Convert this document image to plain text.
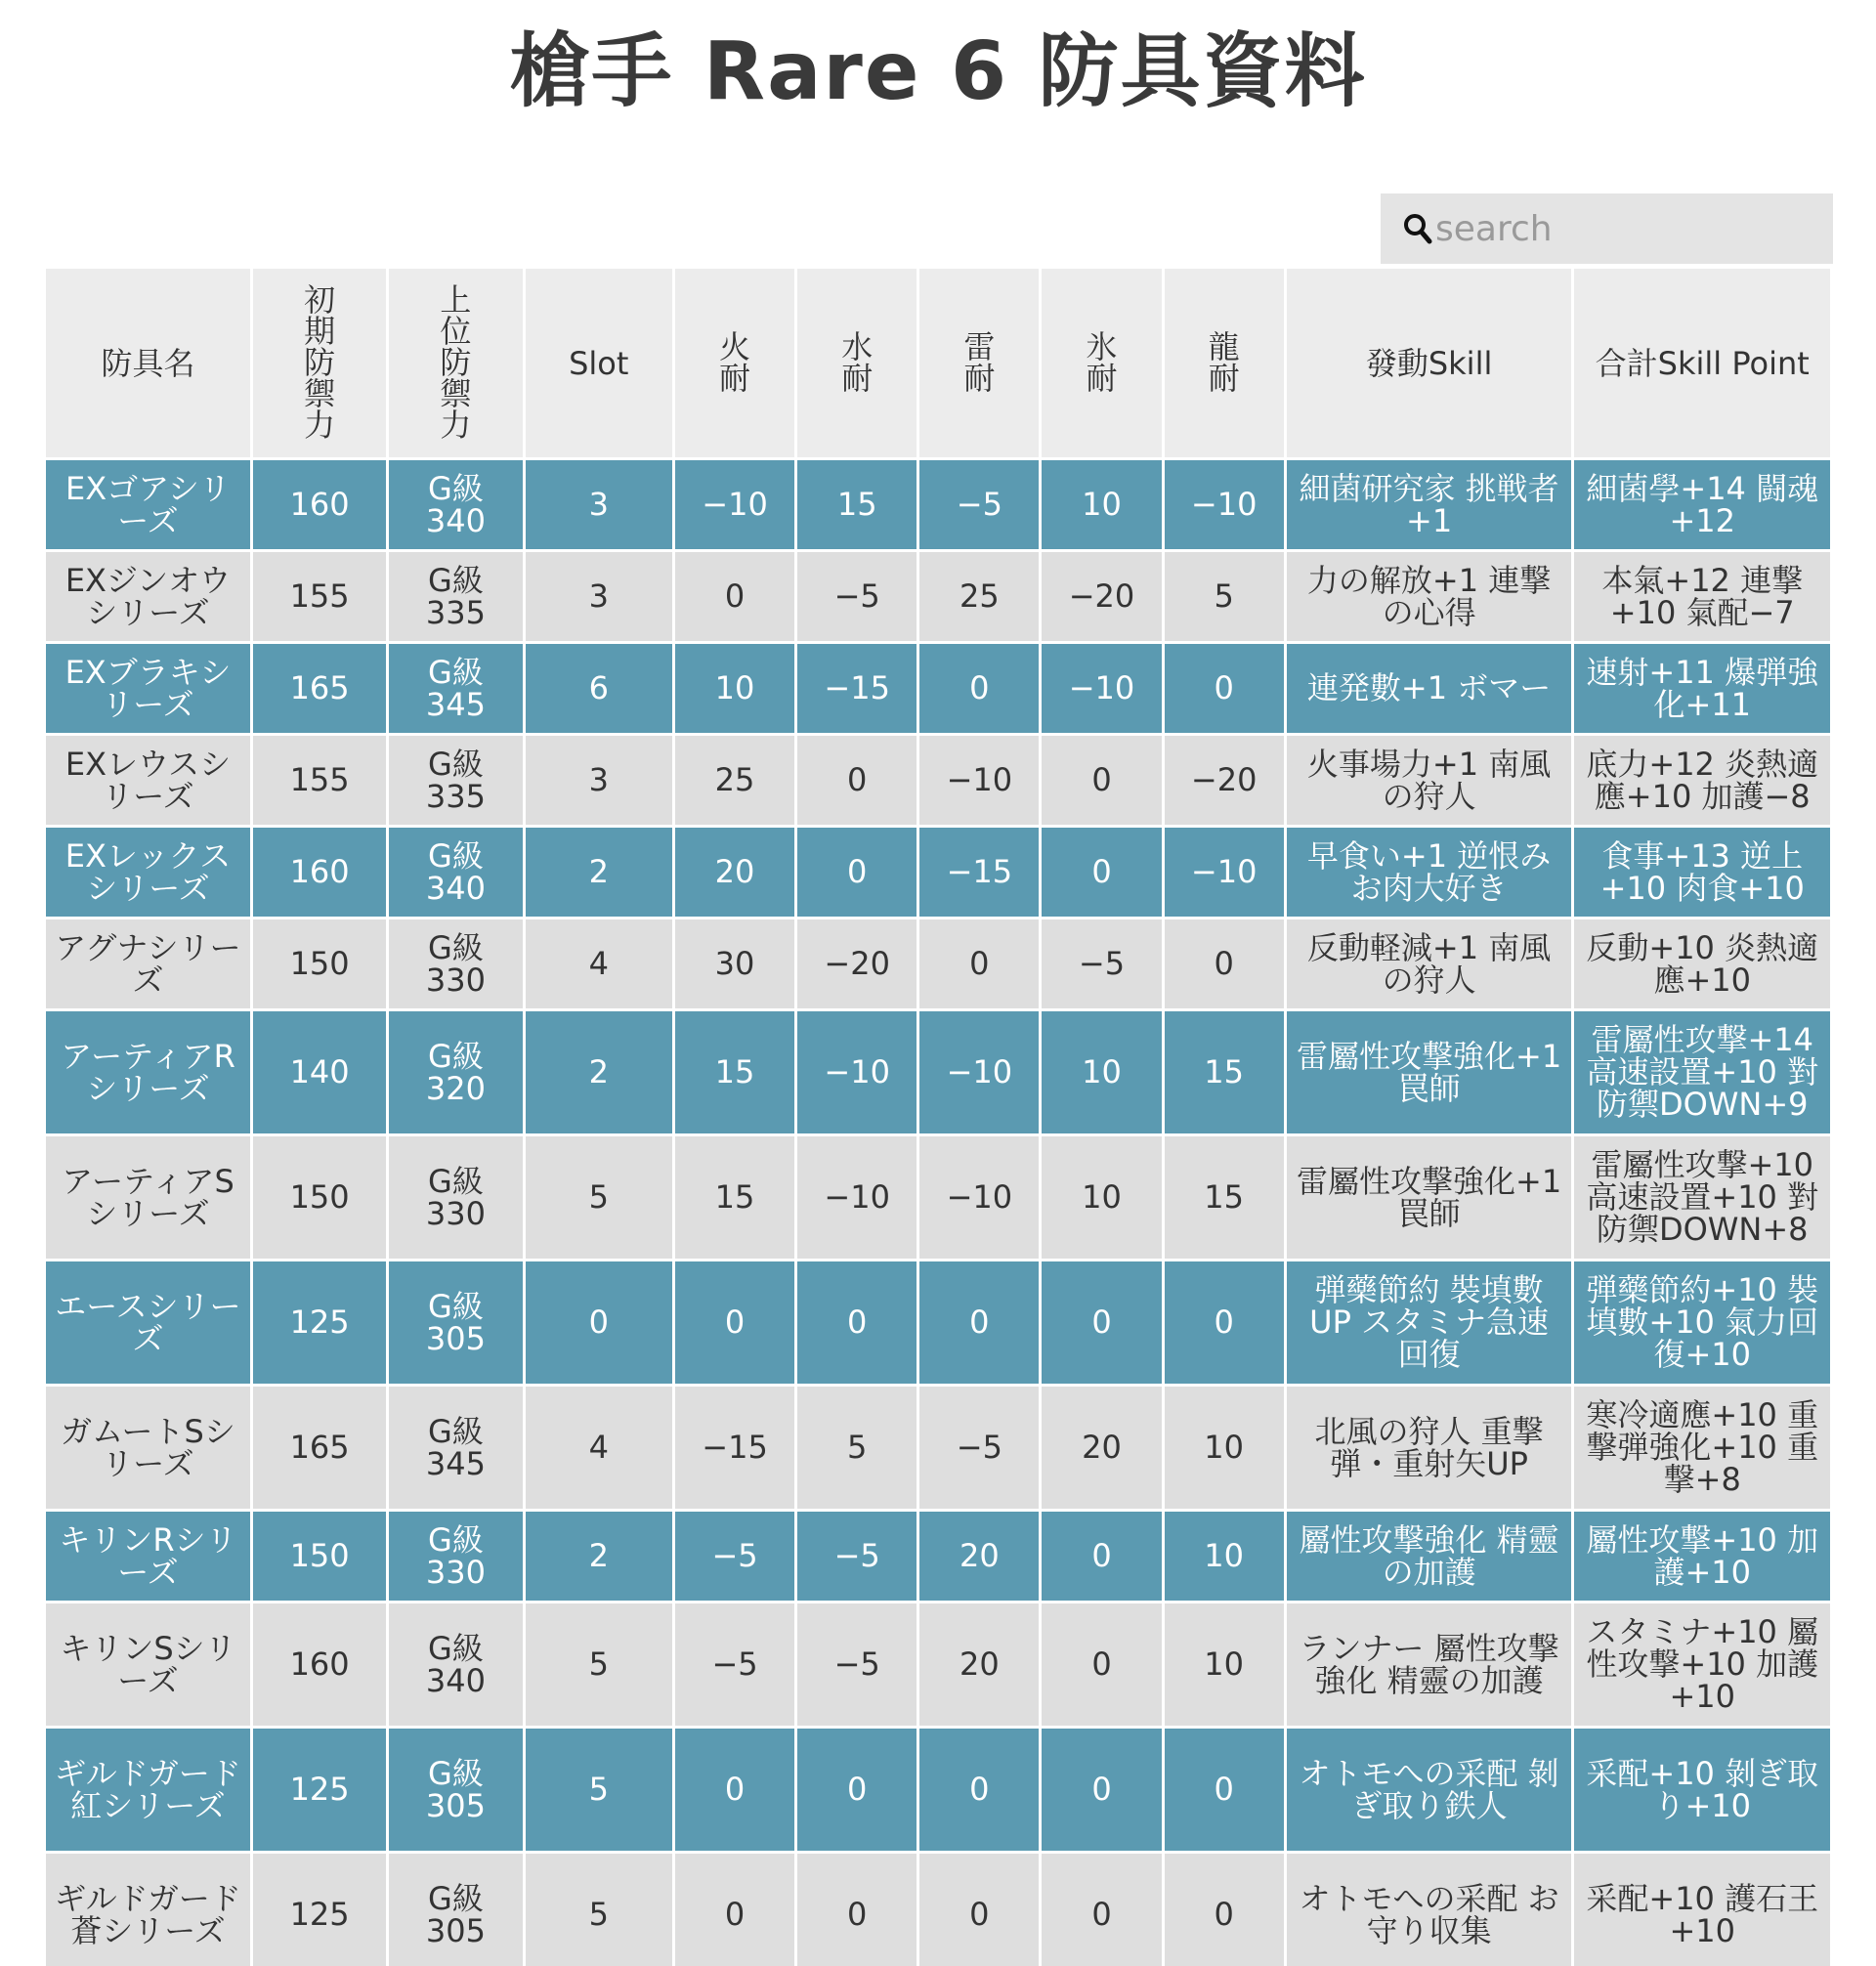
槍手 Rare 6 防具資料
search
防具名	初期防禦力	上位防禦力	Slot	火耐	水耐	雷耐	氷耐	龍耐	發動Skill	合計Skill Point
EXゴアシリーズ	160	G級 340	3	−10	15	−5	10	−10	細菌研究家 挑戦者+1	細菌學+14 闘魂+12
EXジンオウシリーズ	155	G級 335	3	0	−5	25	−20	5	力の解放+1 連撃の心得	本氣+12 連撃+10 氣配−7
EXブラキシリーズ	165	G級 345	6	10	−15	0	−10	0	連発數+1 ボマー	速射+11 爆弾強化+11
EXレウスシリーズ	155	G級 335	3	25	0	−10	0	−20	火事場力+1 南風の狩人	底力+12 炎熱適應+10 加護−8
EXレックスシリーズ	160	G級 340	2	20	0	−15	0	−10	早食い+1 逆恨み お肉大好き	食事+13 逆上+10 肉食+10
アグナシリーズ	150	G級 330	4	30	−20	0	−5	0	反動軽減+1 南風の狩人	反動+10 炎熱適應+10
アーティアRシリーズ	140	G級 320	2	15	−10	−10	10	15	雷屬性攻撃強化+1 罠師	雷屬性攻撃+14 高速設置+10 對防禦DOWN+9
アーティアSシリーズ	150	G級 330	5	15	−10	−10	10	15	雷屬性攻撃強化+1 罠師	雷屬性攻撃+10 高速設置+10 對防禦DOWN+8
エースシリーズ	125	G級 305	0	0	0	0	0	0	弾藥節約 裝填數UP スタミナ急速回復	弾藥節約+10 裝填數+10 氣力回復+10
ガムートSシリーズ	165	G級 345	4	−15	5	−5	20	10	北風の狩人 重撃弾・重射矢UP	寒冷適應+10 重撃弾強化+10 重撃+8
キリンRシリーズ	150	G級 330	2	−5	−5	20	0	10	屬性攻撃強化 精靈の加護	屬性攻撃+10 加護+10
キリンSシリーズ	160	G級 340	5	−5	−5	20	0	10	ランナー 屬性攻撃強化 精靈の加護	スタミナ+10 屬性攻撃+10 加護+10
ギルドガード紅シリーズ	125	G級 305	5	0	0	0	0	0	オトモへの采配 剝ぎ取り鉄人	采配+10 剝ぎ取り+10
ギルドガード蒼シリーズ	125	G級 305	5	0	0	0	0	0	オトモへの采配 お守り収集	采配+10 護石王+10
